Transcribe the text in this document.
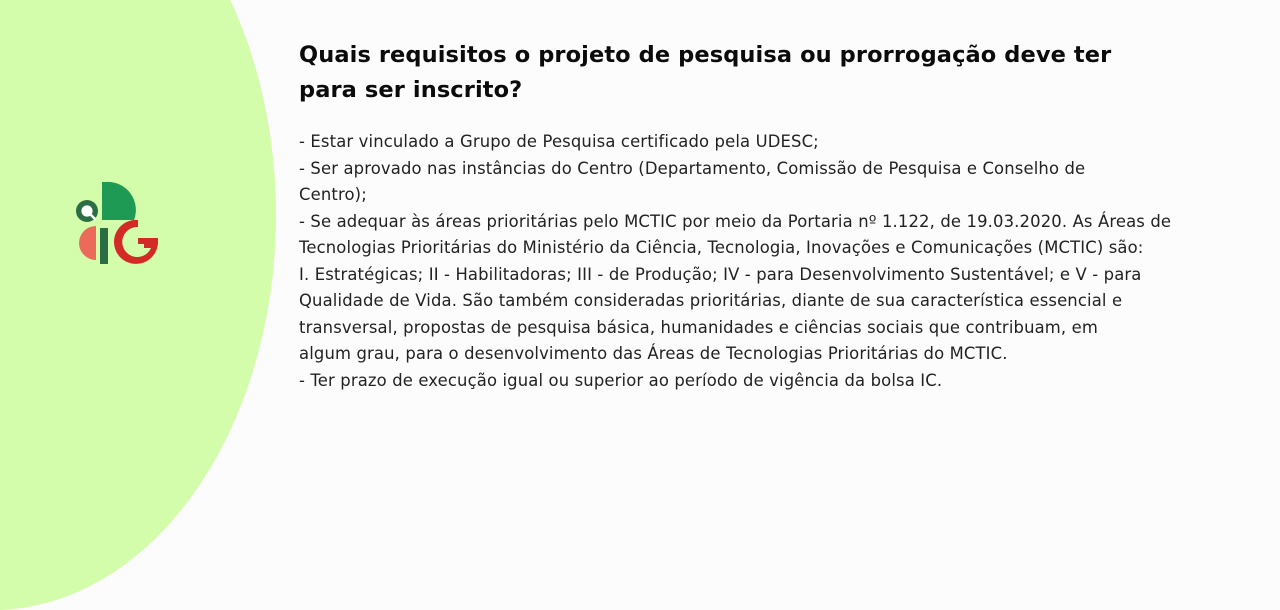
Quais requisitos o projeto de pesquisa ou prorrogação deve ter
para ser inscrito?
- Estar vinculado a Grupo de Pesquisa certificado pela UDESC;
- Ser aprovado nas instâncias do Centro (Departamento, Comissão de Pesquisa e Conselho de
Centro);
- Se adequar às áreas prioritárias pelo MCTIC por meio da Portaria nº 1.122, de 19.03.2020. As Áreas de
Tecnologias Prioritárias do Ministério da Ciência, Tecnologia, Inovações e Comunicações (MCTIC) são:
I. Estratégicas; II - Habilitadoras; III - de Produção; IV - para Desenvolvimento Sustentável; e V - para
Qualidade de Vida. São também consideradas prioritárias, diante de sua característica essencial e
transversal, propostas de pesquisa básica, humanidades e ciências sociais que contribuam, em
algum grau, para o desenvolvimento das Áreas de Tecnologias Prioritárias do MCTIC.
- Ter prazo de execução igual ou superior ao período de vigência da bolsa IC.
